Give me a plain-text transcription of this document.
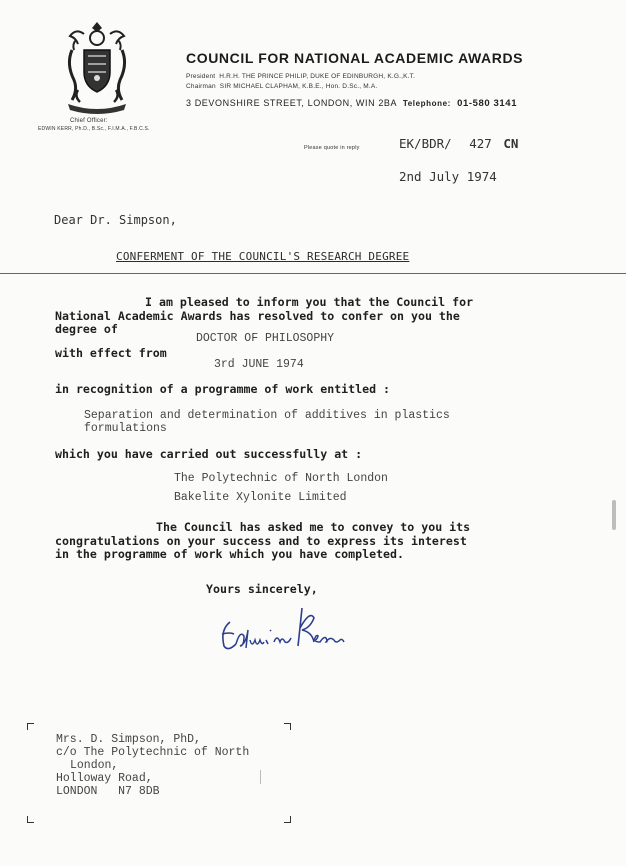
COUNCIL FOR NATIONAL ACADEMIC AWARDS
President H.R.H. THE PRINCE PHILIP, DUKE OF EDINBURGH, K.G.,K.T.
Chairman SIR MICHAEL CLAPHAM, K.B.E., Hon. D.Sc., M.A.
3 DEVONSHIRE STREET, LONDON, WIN 2BA Telephone: 01-580 3141
Chief Officer:
EDWIN KERR, Ph.D., B.Sc., F.I.M.A., F.B.C.S.
Please quote in reply	EK/BDR/ 427 CN
2nd July 1974
Dear Dr. Simpson,
CONFERMENT OF THE COUNCIL'S RESEARCH DEGREE
I am pleased to inform you that the Council for
National Academic Awards has resolved to confer on you the
degree of
DOCTOR OF PHILOSOPHY
with effect from
3rd JUNE 1974
in recognition of a programme of work entitled :
Separation and determination of additives in plastics
formulations
which you have carried out successfully at :
The Polytechnic of North London
Bakelite Xylonite Limited
The Council has asked me to convey to you its
congratulations on your success and to express its interest
in the programme of work which you have completed.
Yours sincerely,
Mrs. D. Simpson, PhD,
c/o The Polytechnic of North
London,
Holloway Road,
LONDON   N7 8DB
